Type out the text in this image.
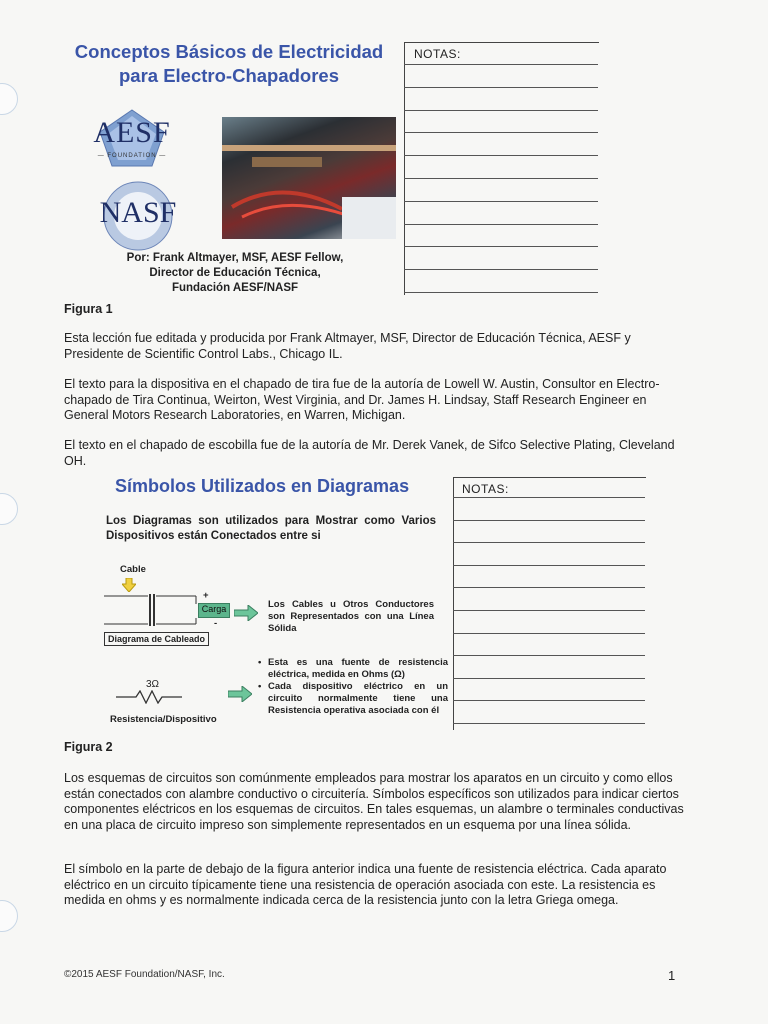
Conceptos Básicos de Electricidad
para Electro-Chapadores
AESF
— FOUNDATION —
NASF
Por: Frank Altmayer, MSF, AESF Fellow,
Director de Educación Técnica,
Fundación AESF/NASF
NOTAS:
Figura 1
Esta lección fue editada y producida por Frank Altmayer, MSF, Director de Educación Técnica, AESF y Presidente de Scientific Control Labs., Chicago IL.
El texto para la dispositiva en el chapado de tira fue de la autoría de Lowell W. Austin, Consultor en Electro-chapado de Tira Continua, Weirton, West Virginia, and Dr. James H. Lindsay, Staff Research Engineer en General Motors Research Laboratories, en Warren, Michigan.
El texto en el chapado de escobilla fue de la autoría de Mr. Derek Vanek, de Sifco Selective Plating, Cleveland OH.
Símbolos Utilizados en Diagramas
Los Diagramas son utilizados para Mostrar como Varios Dispositivos están Conectados entre si
Cable
+
-
Carga
Diagrama de Cableado
Los Cables u Otros Conductores son Representados con una Línea Sólida
3Ω
Resistencia/Dispositivo
• Esta es una fuente de resistencia eléctrica, medida en Ohms (Ω)
• Cada dispositivo eléctrico en un circuito normalmente tiene una Resistencia operativa asociada con él
NOTAS:
Figura 2
Los esquemas de circuitos son comúnmente empleados para mostrar los aparatos en un circuito y como ellos están conectados con alambre conductivo o circuitería. Símbolos específicos son utilizados para indicar ciertos componentes eléctricos en los esquemas de circuitos. En tales esquemas, un alambre o terminales conductivas en una placa de circuito impreso son simplemente representados en un esquema por una línea sólida.
El símbolo en la parte de debajo de la figura anterior indica una fuente de resistencia eléctrica. Cada aparato eléctrico en un circuito típicamente tiene una resistencia de operación asociada con este. La resistencia es medida en ohms y es normalmente indicada cerca de la resistencia junto con la letra Griega omega.
©2015 AESF Foundation/NASF, Inc.	1
